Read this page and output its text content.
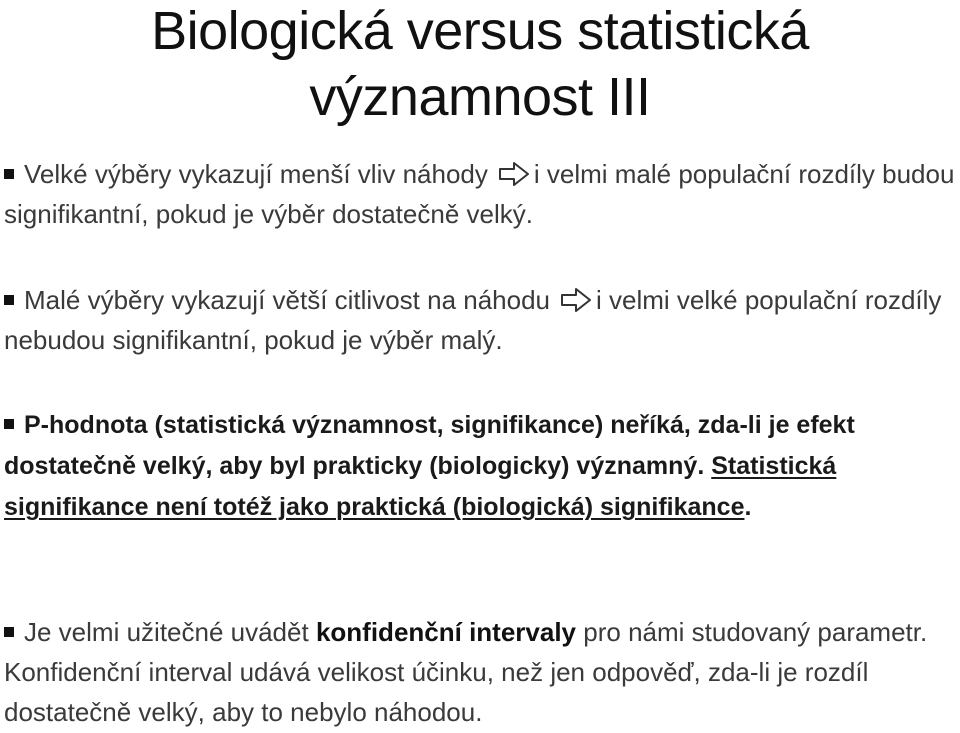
Biologická versus statistická
významnost III
Velké výběry vykazují menší vliv náhody i velmi malé populační rozdíly budou signifikantní, pokud je výběr dostatečně velký.
Malé výběry vykazují větší citlivost na náhodu i velmi velké populační rozdíly nebudou signifikantní, pokud je výběr malý.
P-hodnota (statistická významnost, signifikance) neříká, zda-li je efekt dostatečně velký, aby byl prakticky (biologicky) významný. Statistická signifikance není totéž jako praktická (biologická) signifikance.
Je velmi užitečné uvádět konfidenční intervaly pro námi studovaný parametr. Konfidenční interval udává velikost účinku, než jen odpověď, zda-li je rozdíl dostatečně velký, aby to nebylo náhodou.
